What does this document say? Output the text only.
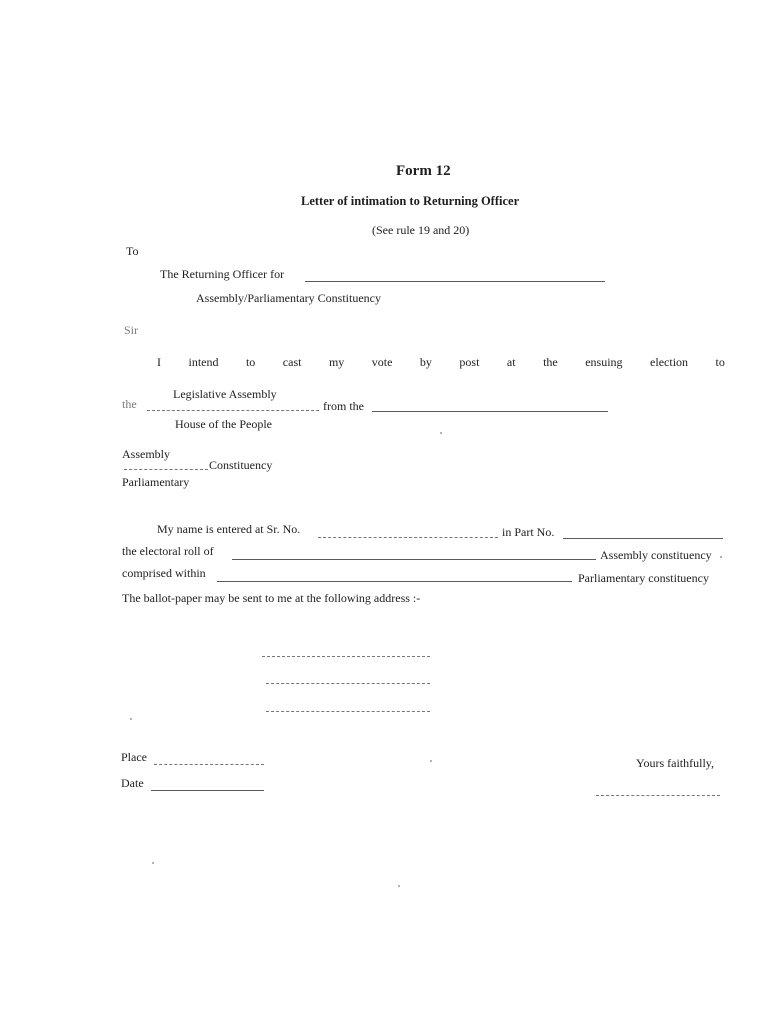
Form 12
Letter of intimation to Returning Officer
(See rule 19 and 20)
To
The Returning Officer for
Assembly/Parliamentary Constituency
Sir
I intend to cast my vote by post at the ensuing election to
Legislative Assembly
the	from the
House of the People
Assembly
Constituency
Parliamentary
My name is entered at Sr. No.	in Part No.
the electoral roll of	Assembly constituency
comprised within	Parliamentary constituency
The ballot-paper may be sent to me at the following address :-
Place
Date
Yours faithfully,
